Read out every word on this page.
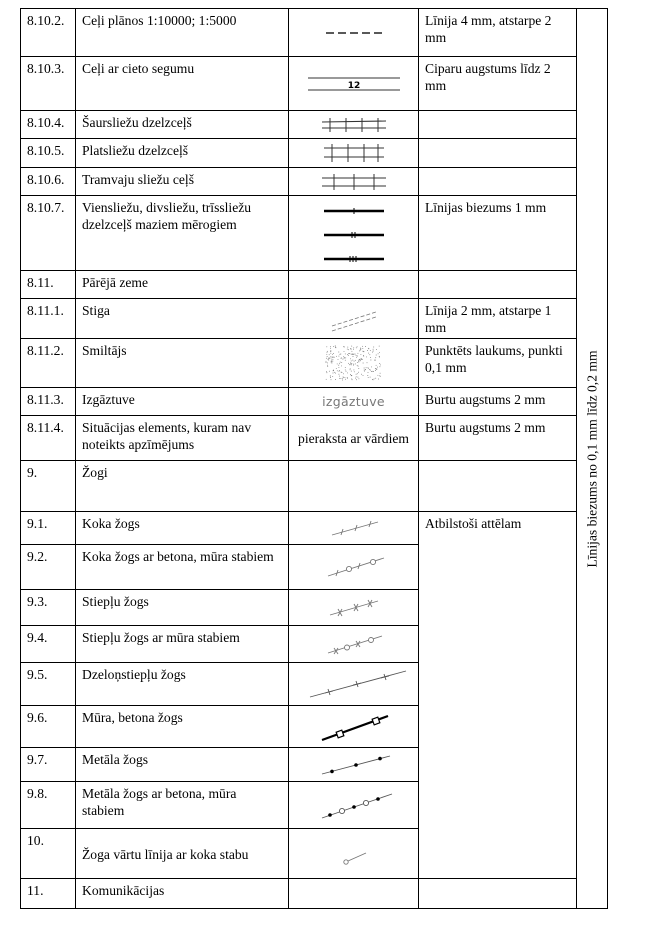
8.10.2.	Ceļi plānos 1:10000; 1:5000		Līnija 4 mm, atstarpe 2 mm	Līnijas biezums no 0,1 mm līdz 0,2 mm

8.10.3.	Ceļi ar cieto segumu	12	Ciparu augstums līdz 2 mm	
8.10.4.	Šaursliežu dzelzceļš	

8.10.5.	Platsliežu dzelzceļš	

8.10.6.	Tramvaju sliežu ceļš	

8.10.7.	Viensliežu, divsliežu, trīssliežu dzelzceļš maziem mērogiem		Līnijas biezums 1 mm	
8.11.	Pārējā zeme			
8.11.1.	Stiga		Līnija 2 mm, atstarpe 1 mm	
8.11.2.	Smiltājs		Punktēts laukums, punkti 0,1 mm	
8.11.3.	Izgāztuve	izgāztuve	Burtu augstums 2 mm	
8.11.4.	Situācijas elements, kuram nav noteikts apzīmējums	pieraksta ar vārdiem	Burtu augstums 2 mm	
9.	Žogi			
9.1.	Koka žogs		Atbilstoši attēlam	
9.2.	Koka žogs ar betona, mūra stabiem	

9.3.	Stiepļu žogs	

9.4.	Stiepļu žogs ar mūra stabiem	

9.5.	Dzeloņstiepļu žogs	

9.6.	Mūra, betona žogs	

9.7.	Metāla žogs	

9.8.	Metāla žogs ar betona, mūra stabiem	

10.	Žoga vārtu līnija ar koka stabu	

11.	Komunikācijas			
